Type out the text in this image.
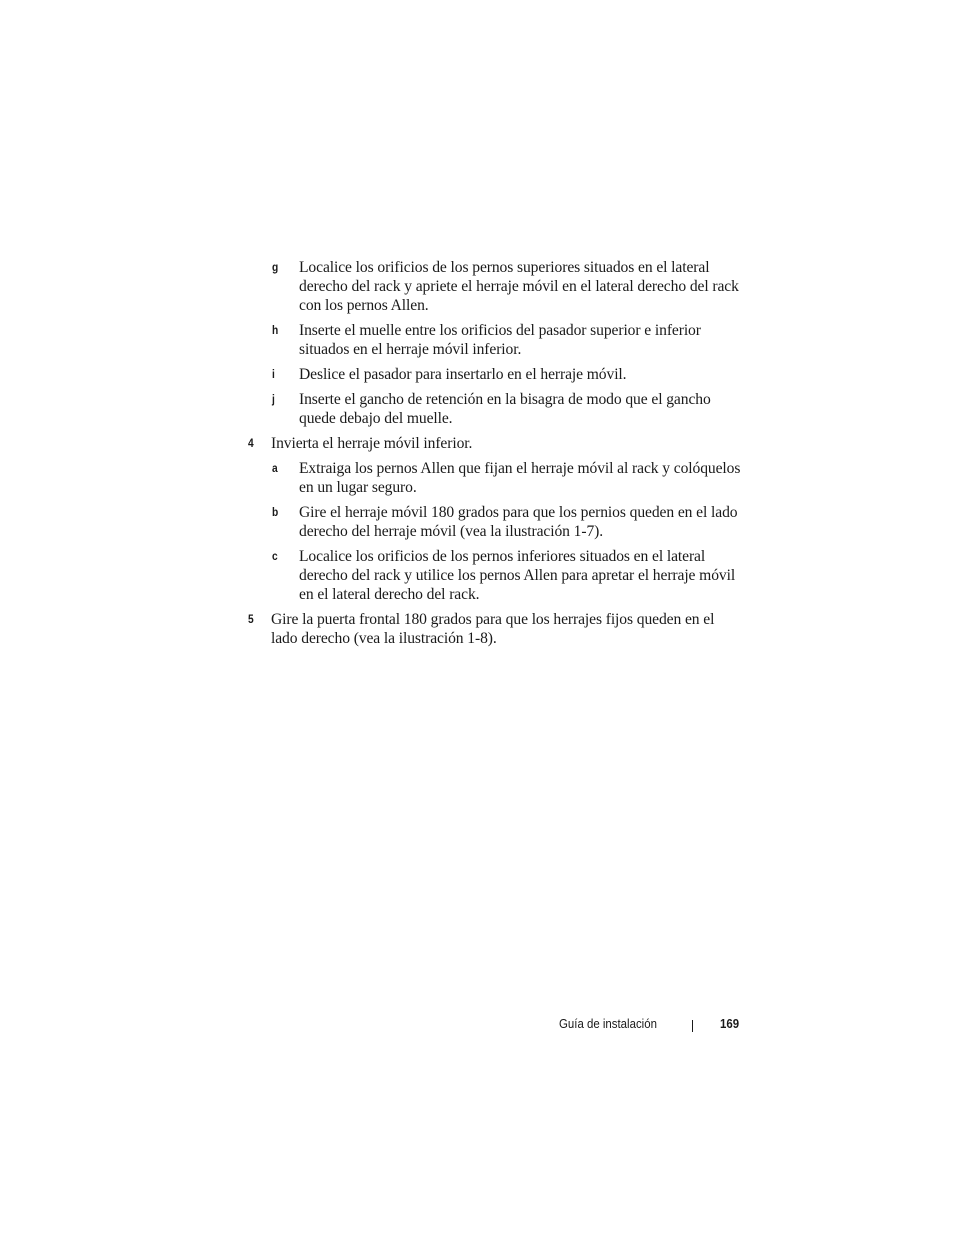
g Localice los orificios de los pernos superiores situados en el lateral
derecho del rack y apriete el herraje móvil en el lateral derecho del rack
con los pernos Allen.
h Inserte el muelle entre los orificios del pasador superior e inferior
situados en el herraje móvil inferior.
i Deslice el pasador para insertarlo en el herraje móvil.
j Inserte el gancho de retención en la bisagra de modo que el gancho
quede debajo del muelle.
4 Invierta el herraje móvil inferior.
a Extraiga los pernos Allen que fijan el herraje móvil al rack y colóquelos
en un lugar seguro.
b Gire el herraje móvil 180 grados para que los pernios queden en el lado
derecho del herraje móvil (vea la ilustración 1-7).
c Localice los orificios de los pernos inferiores situados en el lateral
derecho del rack y utilice los pernos Allen para apretar el herraje móvil
en el lateral derecho del rack.
5 Gire la puerta frontal 180 grados para que los herrajes fijos queden en el
lado derecho (vea la ilustración 1-8).
Guía de instalación	169
